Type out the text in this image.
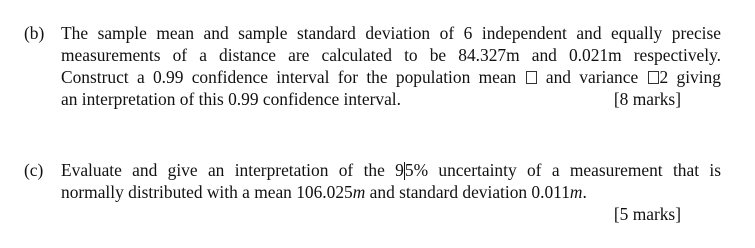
(b) The sample mean and sample standard deviation of 6 independent and equally precise
measurements of a distance are calculated to be 84.327m and 0.021m respectively.
Construct a 0.99 confidence interval for the population mean and variance 2 giving
an interpretation of this 0.99 confidence interval.	[8 marks]
(c) Evaluate and give an interpretation of the 95% uncertainty of a measurement that is
normally distributed with a mean 106.025m and standard deviation 0.011m.
[5 marks]
